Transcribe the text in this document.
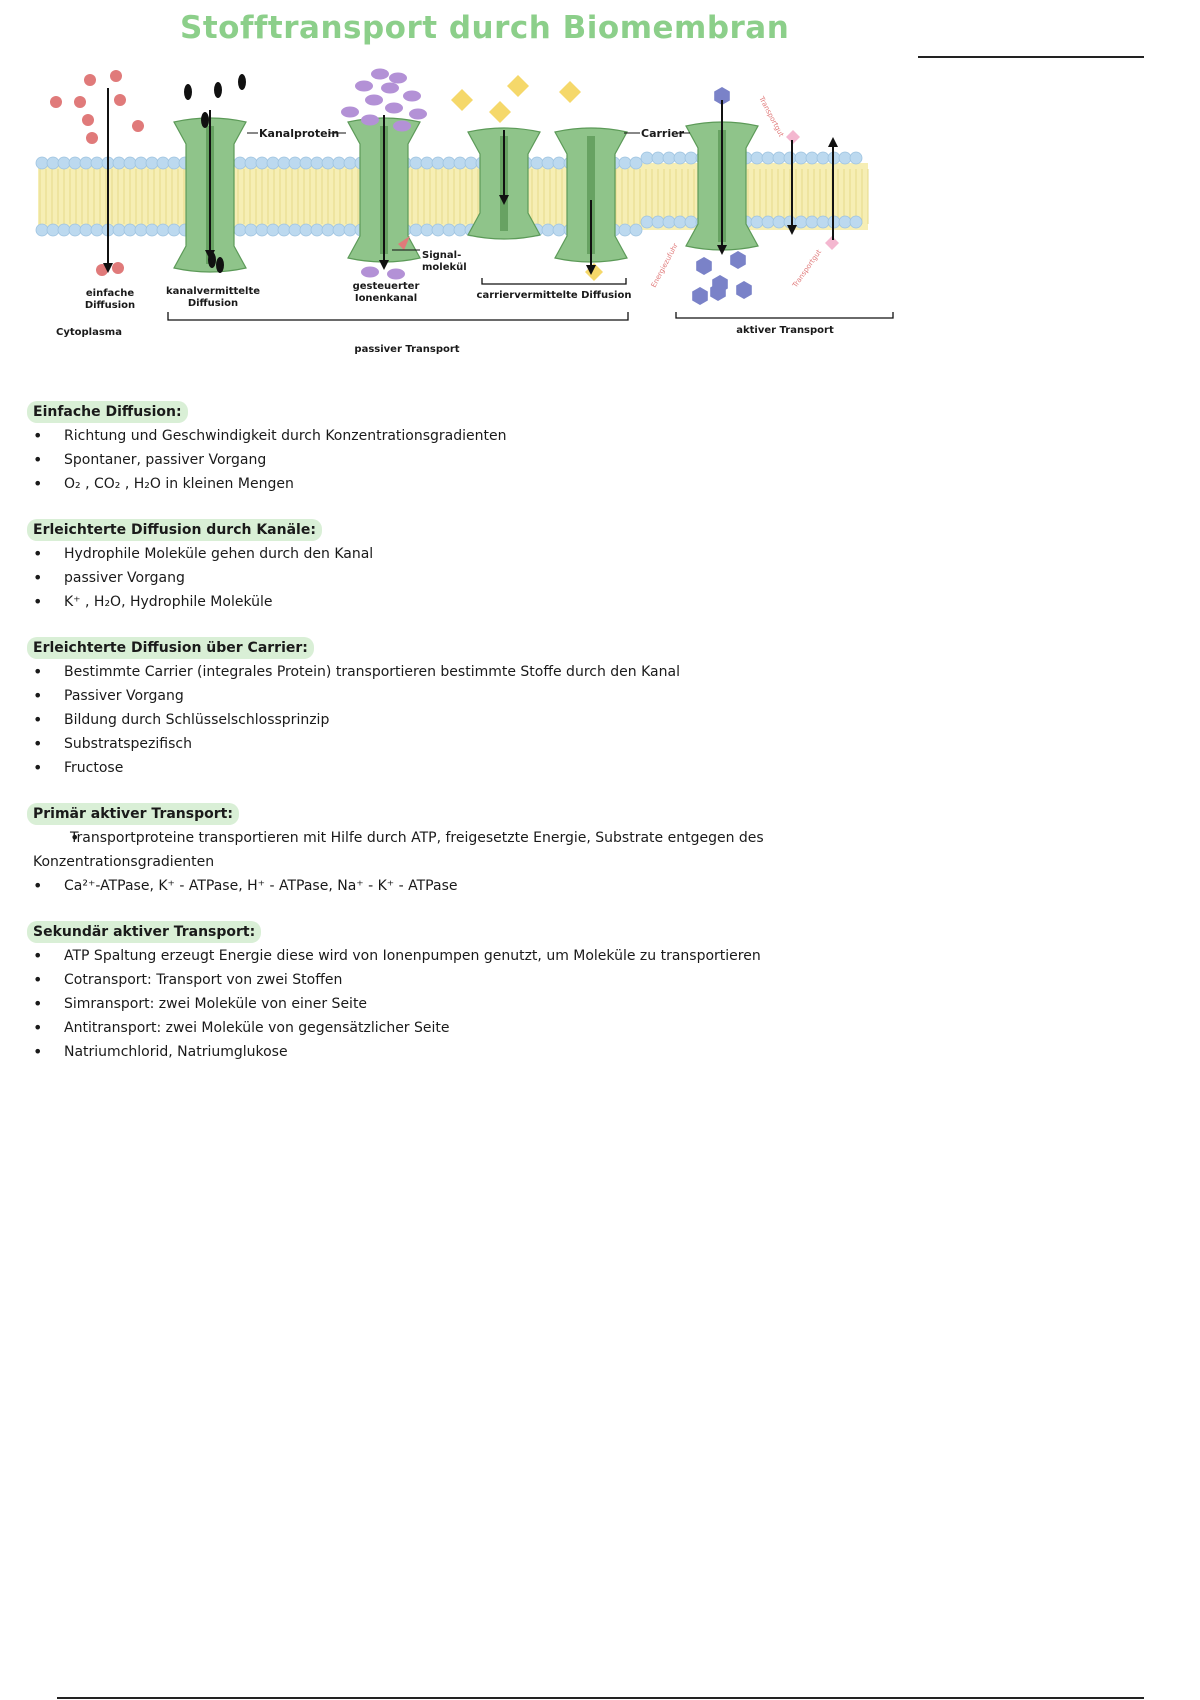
Stofftransport durch Biomembran
Kanalprotein	Carrier
Signal-
molekül
einfache
Diffusion
kanalvermittelte
Diffusion
gesteuerter
Ionenkanal	carriervermittelte Diffusion
Cytoplasma
passiver Transport
aktiver Transport
Energiezufuhr
Transportgut
Transportgut
Einfache Diffusion:
• Richtung und Geschwindigkeit durch Konzentrationsgradienten
• Spontaner, passiver Vorgang
• O₂ , CO₂ , H₂O in kleinen Mengen
Erleichterte Diffusion durch Kanäle:
• Hydrophile Moleküle gehen durch den Kanal
• passiver Vorgang
• K⁺ , H₂O, Hydrophile Moleküle
Erleichterte Diffusion über Carrier:
• Bestimmte Carrier (integrales Protein) transportieren bestimmte Stoffe durch den Kanal
• Passiver Vorgang
• Bildung durch Schlüsselschlossprinzip
• Substratspezifisch
• Fructose
Primär aktiver Transport:
• Transportproteine transportieren mit Hilfe durch ATP, freigesetzte Energie, Substrate entgegen des Konzentrationsgradienten
• Ca²⁺-ATPase, K⁺ - ATPase, H⁺ - ATPase, Na⁺ - K⁺ - ATPase
Sekundär aktiver Transport:
• ATP Spaltung erzeugt Energie diese wird von Ionenpumpen genutzt, um Moleküle zu transportieren
• Cotransport: Transport von zwei Stoffen
• Simransport: zwei Moleküle von einer Seite
• Antitransport: zwei Moleküle von gegensätzlicher Seite
• Natriumchlorid, Natriumglukose
